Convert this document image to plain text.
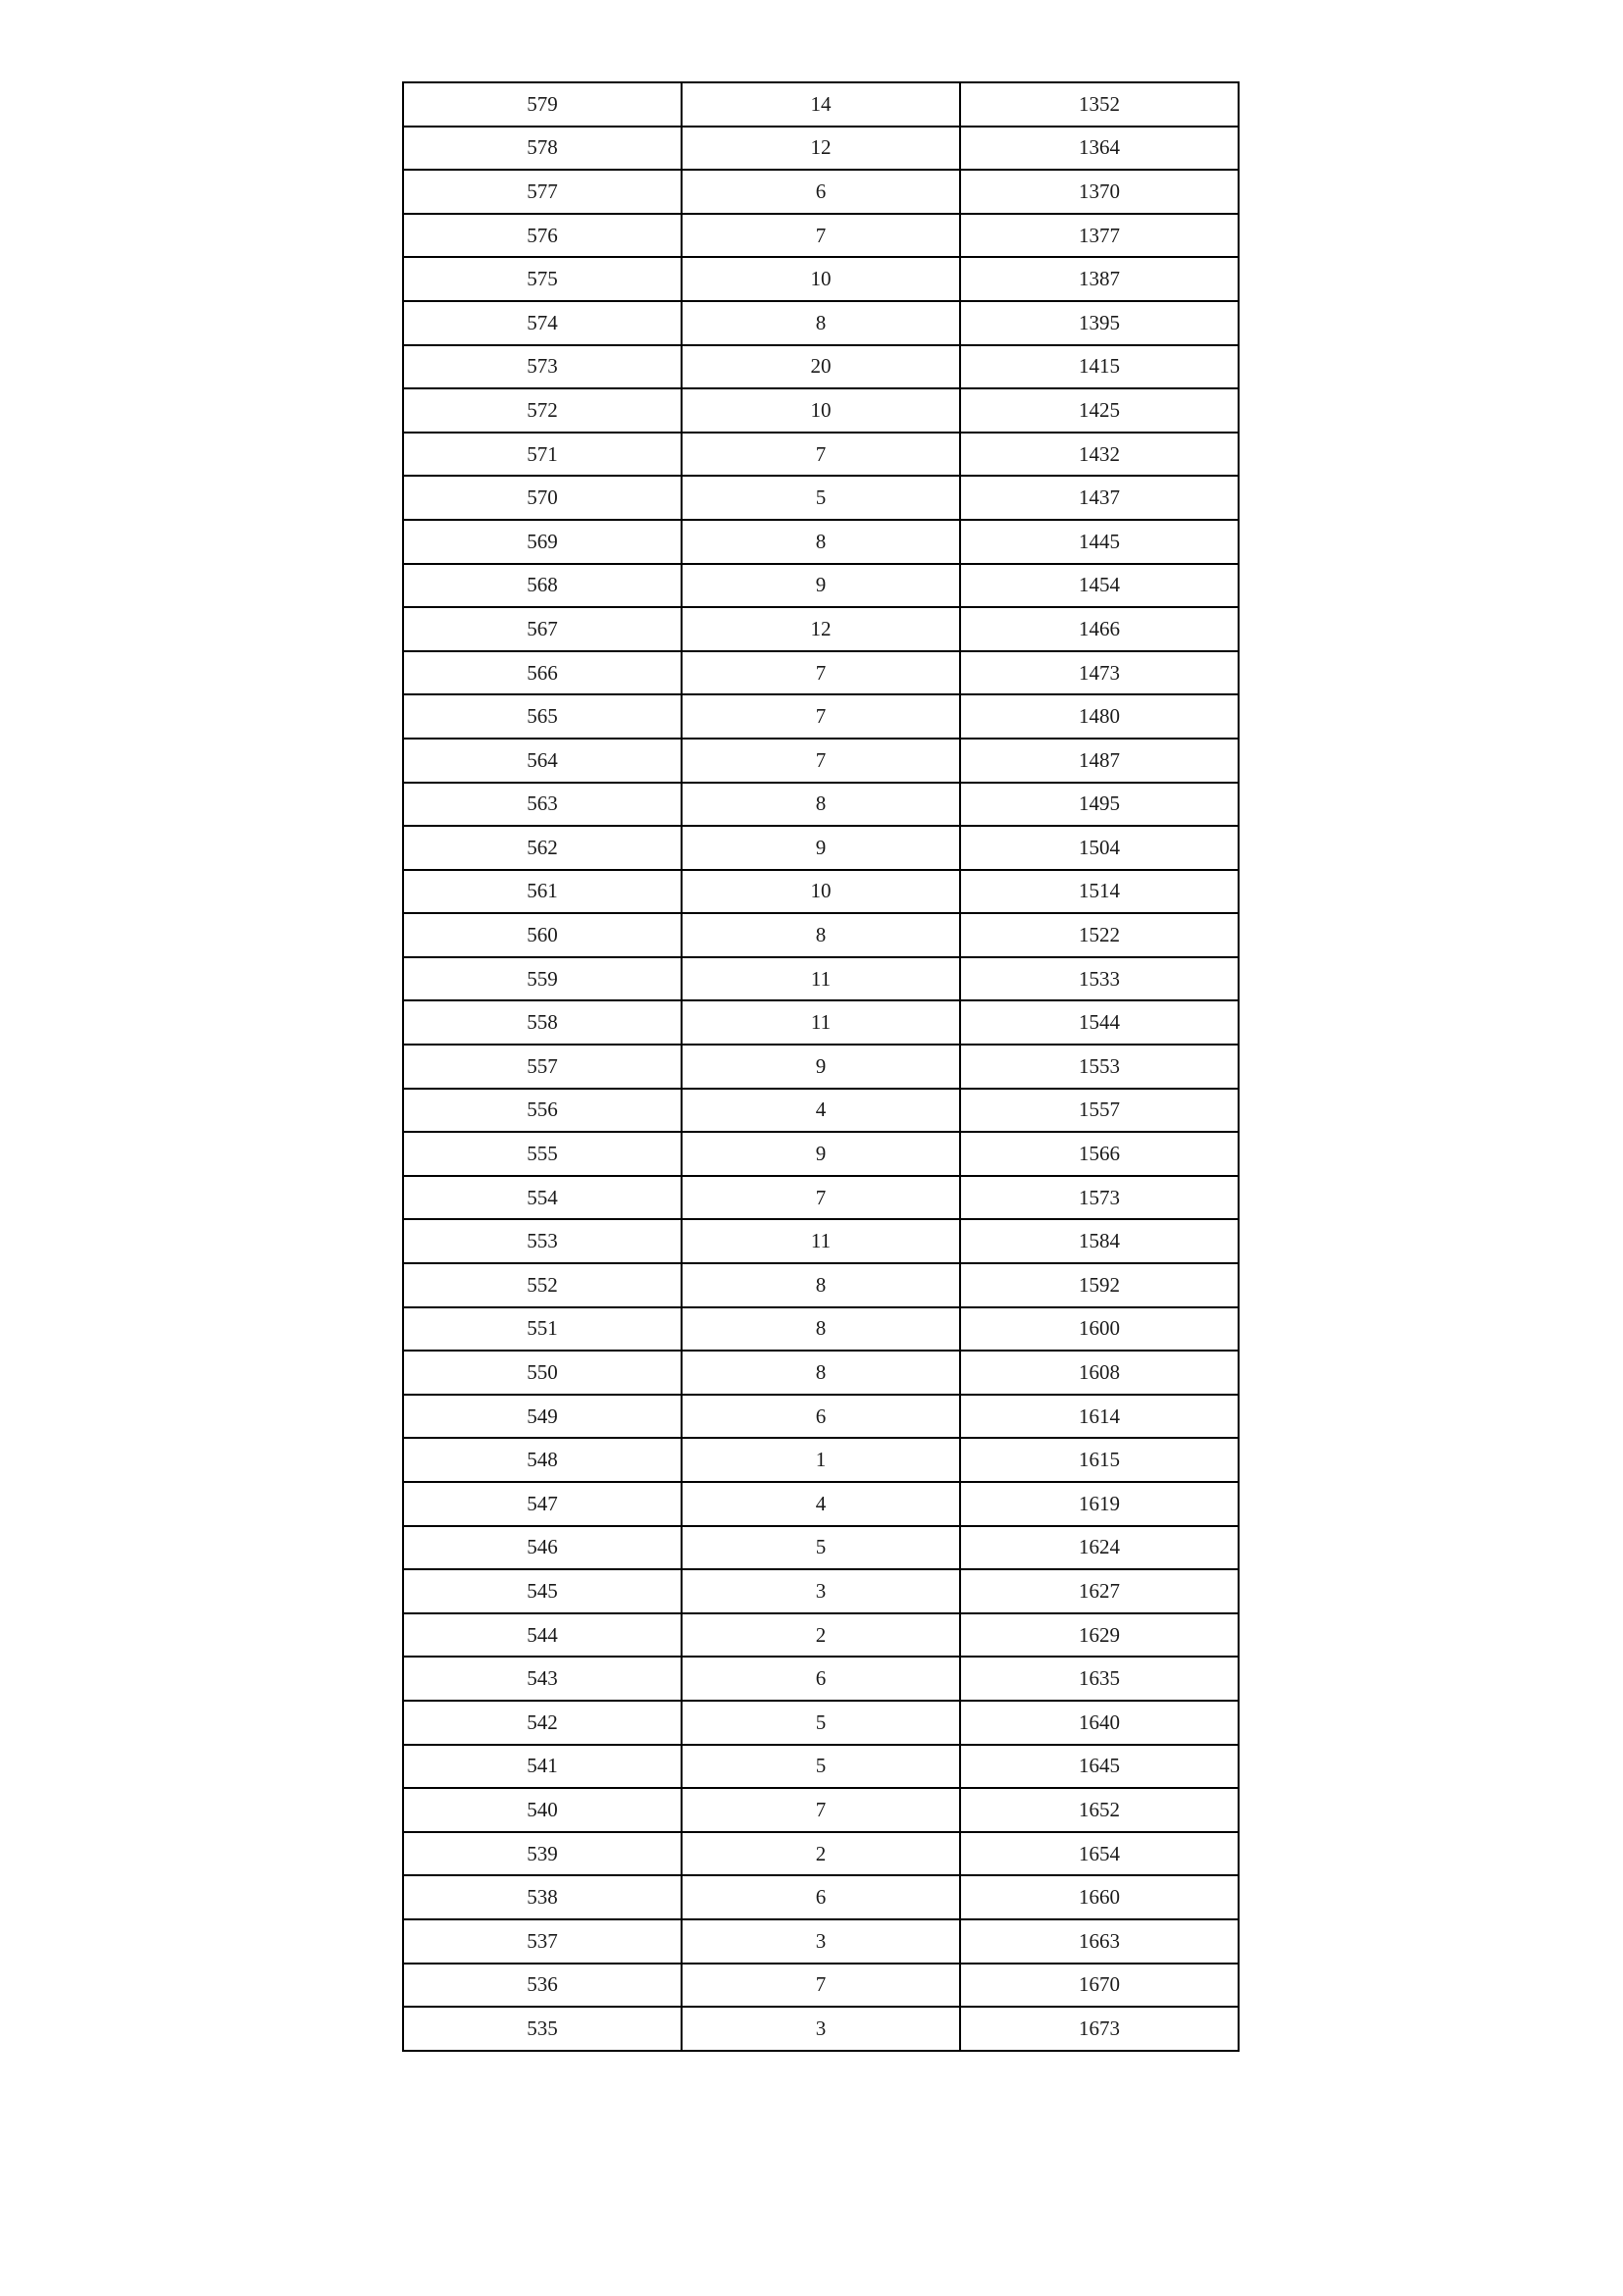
579	14	1352
578	12	1364
577	6	1370
576	7	1377
575	10	1387
574	8	1395
573	20	1415
572	10	1425
571	7	1432
570	5	1437
569	8	1445
568	9	1454
567	12	1466
566	7	1473
565	7	1480
564	7	1487
563	8	1495
562	9	1504
561	10	1514
560	8	1522
559	11	1533
558	11	1544
557	9	1553
556	4	1557
555	9	1566
554	7	1573
553	11	1584
552	8	1592
551	8	1600
550	8	1608
549	6	1614
548	1	1615
547	4	1619
546	5	1624
545	3	1627
544	2	1629
543	6	1635
542	5	1640
541	5	1645
540	7	1652
539	2	1654
538	6	1660
537	3	1663
536	7	1670
535	3	1673
